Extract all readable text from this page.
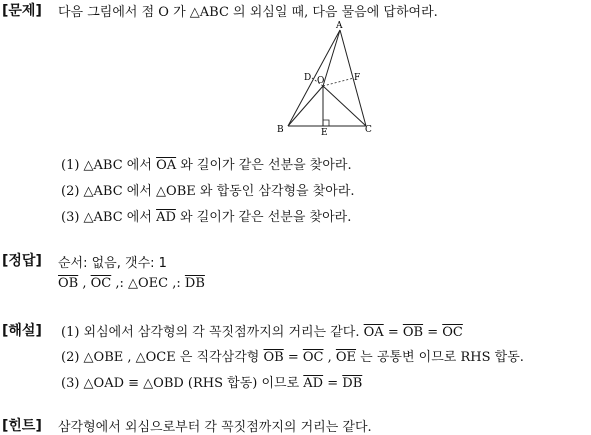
[문제] 다음 그림에서 점 O 가 △ABC 의 외심일 때, 다음 물음에 답하여라.
A
B	C
D
E
F
O
(1) △ABC 에서 $\overline{OA}$ 와 길이가 같은 선분을 찾아라.
(2) △ABC 에서 △OBE 와 합동인 삼각형을 찾아라.
(3) △ABC 에서 $\overline{AD}$ 와 길이가 같은 선분을 찾아라.
[정답] 순서: 없음, 갯수: 1
$\overline{OB}$ , $\overline{OC}$ ,: △OEC ,: $\overline{DB}$
[해설] (1) 외심에서 삼각형의 각 꼭짓점까지의 거리는 같다. $\overline{OA} = \overline{OB} = \overline{OC}$
(2) △OBE , △OCE 은 직각삼각형 $\overline{OB} = \overline{OC}$ , $\overline{OE}$ 는 공통변 이므로 RHS 합동.
(3) △OAD ≡ △OBD (RHS 합동) 이므로 $\overline{AD} = \overline{DB}$
[힌트] 삼각형에서 외심으로부터 각 꼭짓점까지의 거리는 같다.
